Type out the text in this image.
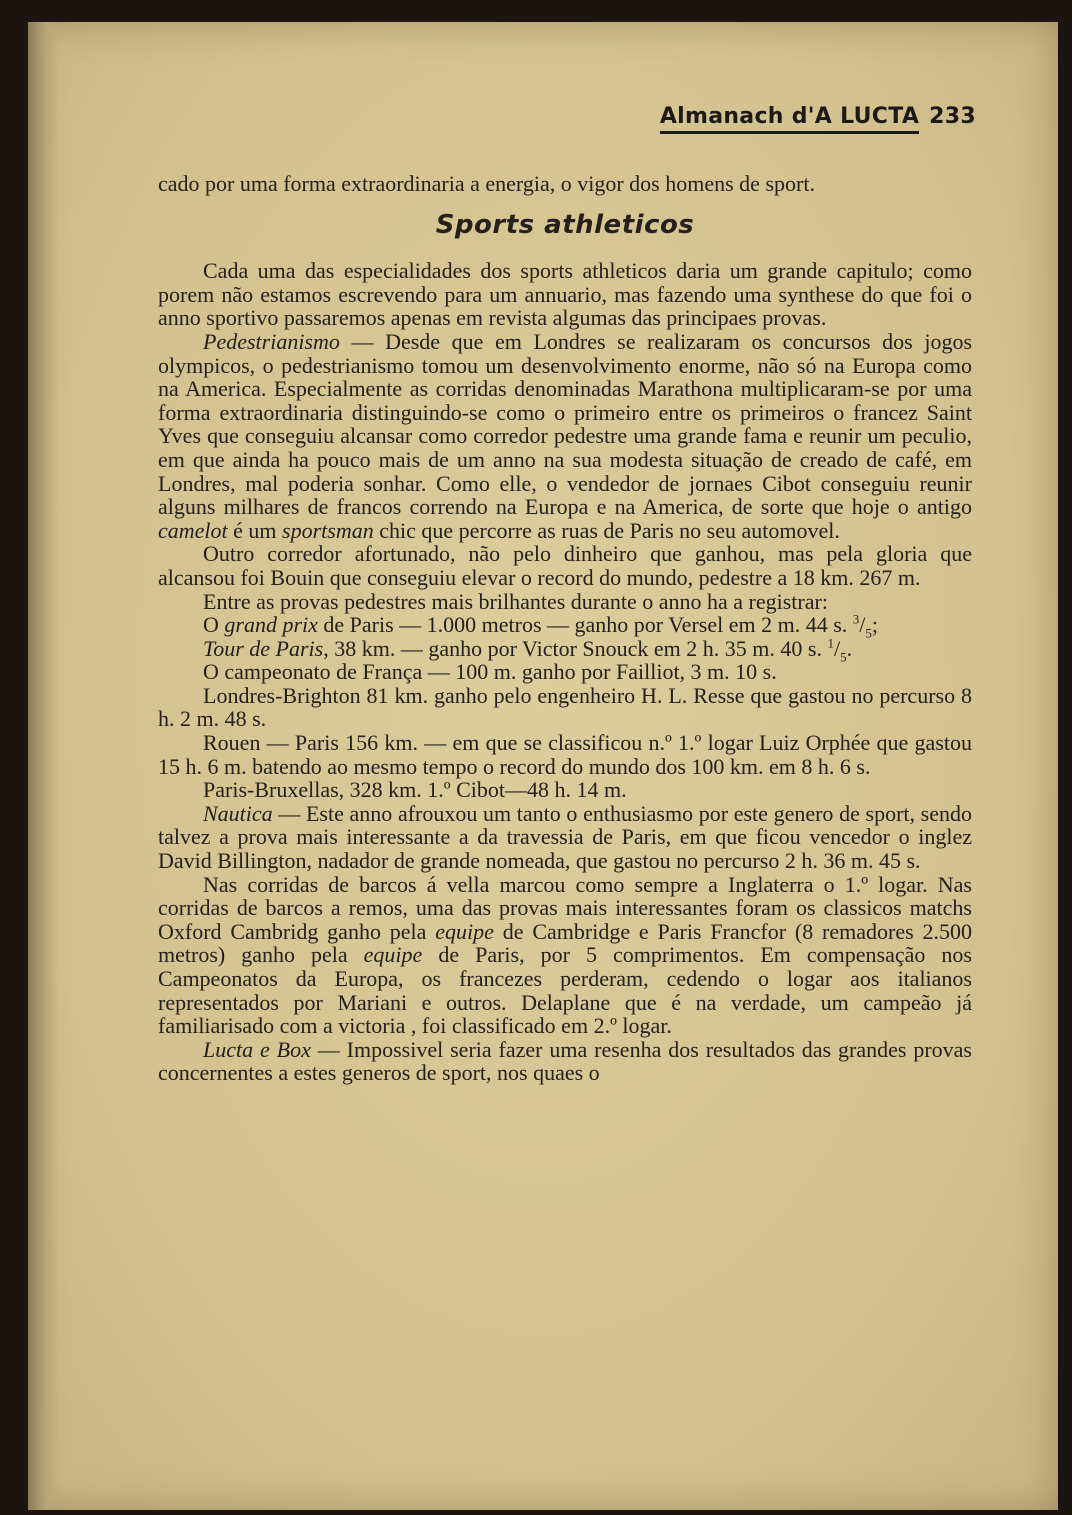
Almanach d'A LUCTA 233

cado por uma forma extraordinaria a energia, o vigor dos homens de sport.

Sports athleticos

Cada uma das especialidades dos sports athleticos daria um grande capitulo; como porem não estamos escrevendo para um annuario, mas fazendo uma synthese do que foi o anno sportivo passaremos apenas em revista algumas das principaes provas.

Pedestrianismo — Desde que em Londres se realizaram os concursos dos jogos olympicos, o pedestrianismo tomou um desenvolvimento enorme, não só na Europa como na America. Especialmente as corridas denominadas Marathona multiplicaram-se por uma forma extraordinaria distinguindo-se como o primeiro entre os primeiros o francez Saint Yves que conseguiu alcansar como corredor pedestre uma grande fama e reunir um peculio, em que ainda ha pouco mais de um anno na sua modesta situação de creado de café, em Londres, mal poderia sonhar. Como elle, o vendedor de jornaes Cibot conseguiu reunir alguns milhares de francos correndo na Europa e na America, de sorte que hoje o antigo camelot é um sportsman chic que percorre as ruas de Paris no seu automovel.

Outro corredor afortunado, não pelo dinheiro que ganhou, mas pela gloria que alcansou foi Bouin que conseguiu elevar o record do mundo, pedestre a 18 km. 267 m.

Entre as provas pedestres mais brilhantes durante o anno ha a registrar:

O grand prix de Paris — 1.000 metros — ganho por Versel em 2 m. 44 s. $^3/_5$;

Tour de Paris, 38 km. — ganho por Victor Snouck em 2 h. 35 m. 40 s. $^1/_5$.

O campeonato de França — 100 m. ganho por Failliot, 3 m. 10 s.

Londres-Brighton 81 km. ganho pelo engenheiro H. L. Resse que gastou no percurso 8 h. 2 m. 48 s.

Rouen — Paris 156 km. — em que se classificou n.º 1.º logar Luiz Orphée que gastou 15 h. 6 m. batendo ao mesmo tempo o record do mundo dos 100 km. em 8 h. 6 s.

Paris-Bruxellas, 328 km. 1.º Cibot—48 h. 14 m.

Nautica — Este anno afrouxou um tanto o enthusiasmo por este genero de sport, sendo talvez a prova mais interessante a da travessia de Paris, em que ficou vencedor o inglez David Billington, nadador de grande nomeada, que gastou no percurso 2 h. 36 m. 45 s.

Nas corridas de barcos á vella marcou como sempre a Inglaterra o 1.º logar. Nas corridas de barcos a remos, uma das provas mais interessantes foram os classicos matchs Oxford Cambridg ganho pela equipe de Cambridge e Paris Francfor (8 remadores 2.500 metros) ganho pela equipe de Paris, por 5 comprimentos. Em compensação nos Campeonatos da Europa, os francezes perderam, cedendo o logar aos italianos representados por Mariani e outros. Delaplane que é na verdade, um campeão já familiarisado com a victoria , foi classificado em 2.º logar.

Lucta e Box — Impossivel seria fazer uma resenha dos resultados das grandes provas concernentes a estes generos de sport, nos quaes o
